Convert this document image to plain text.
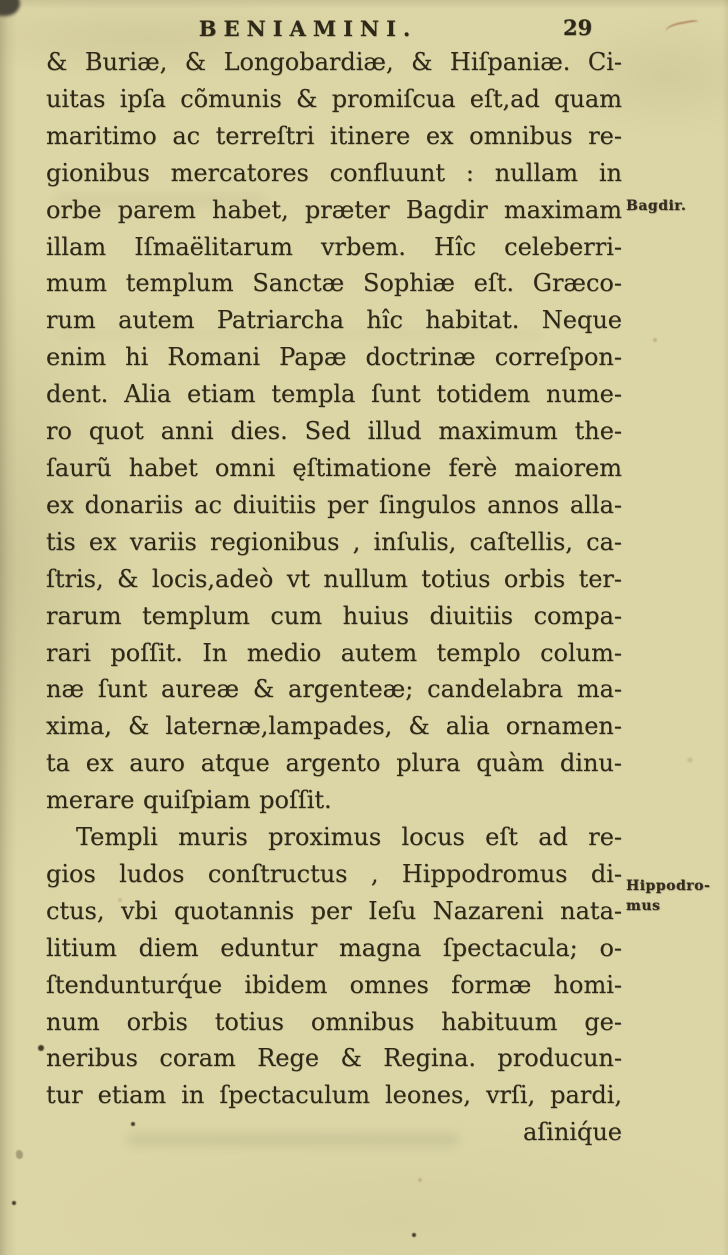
BENIAMINI.	29
& Buriæ, & Longobardiæ, & Hiſpaniæ. Ci-
uitas ipſa cõmunis & promiſcua eſt,ad quam
maritimo ac terreſtri itinere ex omnibus re-
gionibus mercatores confluunt : nullam in
orbe parem habet, præter Bagdir maximam
illam Iſmaëlitarum vrbem. Hîc celeberri-
mum templum Sanctæ Sophiæ eſt. Græco-
rum autem Patriarcha hîc habitat. Neque
enim hi Romani Papæ doctrinæ correſpon-
dent. Alia etiam templa ſunt totidem nume-
ro quot anni dies. Sed illud maximum the-
ſaurũ habet omni ęſtimatione ferè maiorem
ex donariis ac diuitiis per ſingulos annos alla-
tis ex variis regionibus , inſulis, caſtellis, ca-
ſtris, & locis,adeò vt nullum totius orbis ter-
rarum templum cum huius diuitiis compa-
rari poſſit. In medio autem templo colum-
næ ſunt aureæ & argenteæ; candelabra ma-
xima, & laternæ,lampades, & alia ornamen-
ta ex auro atque argento plura quàm dinu-
merare quiſpiam poſſit.
Templi muris proximus locus eſt ad re-
gios ludos conſtructus , Hippodromus di-
ctus, vbi quotannis per Ieſu Nazareni nata-
litium diem eduntur magna ſpectacula; o-
ſtendunturq́ue ibidem omnes formæ homi-
num orbis totius omnibus habituum ge-
neribus coram Rege & Regina. producun-
tur etiam in ſpectaculum leones, vrſi, pardi,
aſiniq́ue
Bagdir.
Hippodro-
mus
